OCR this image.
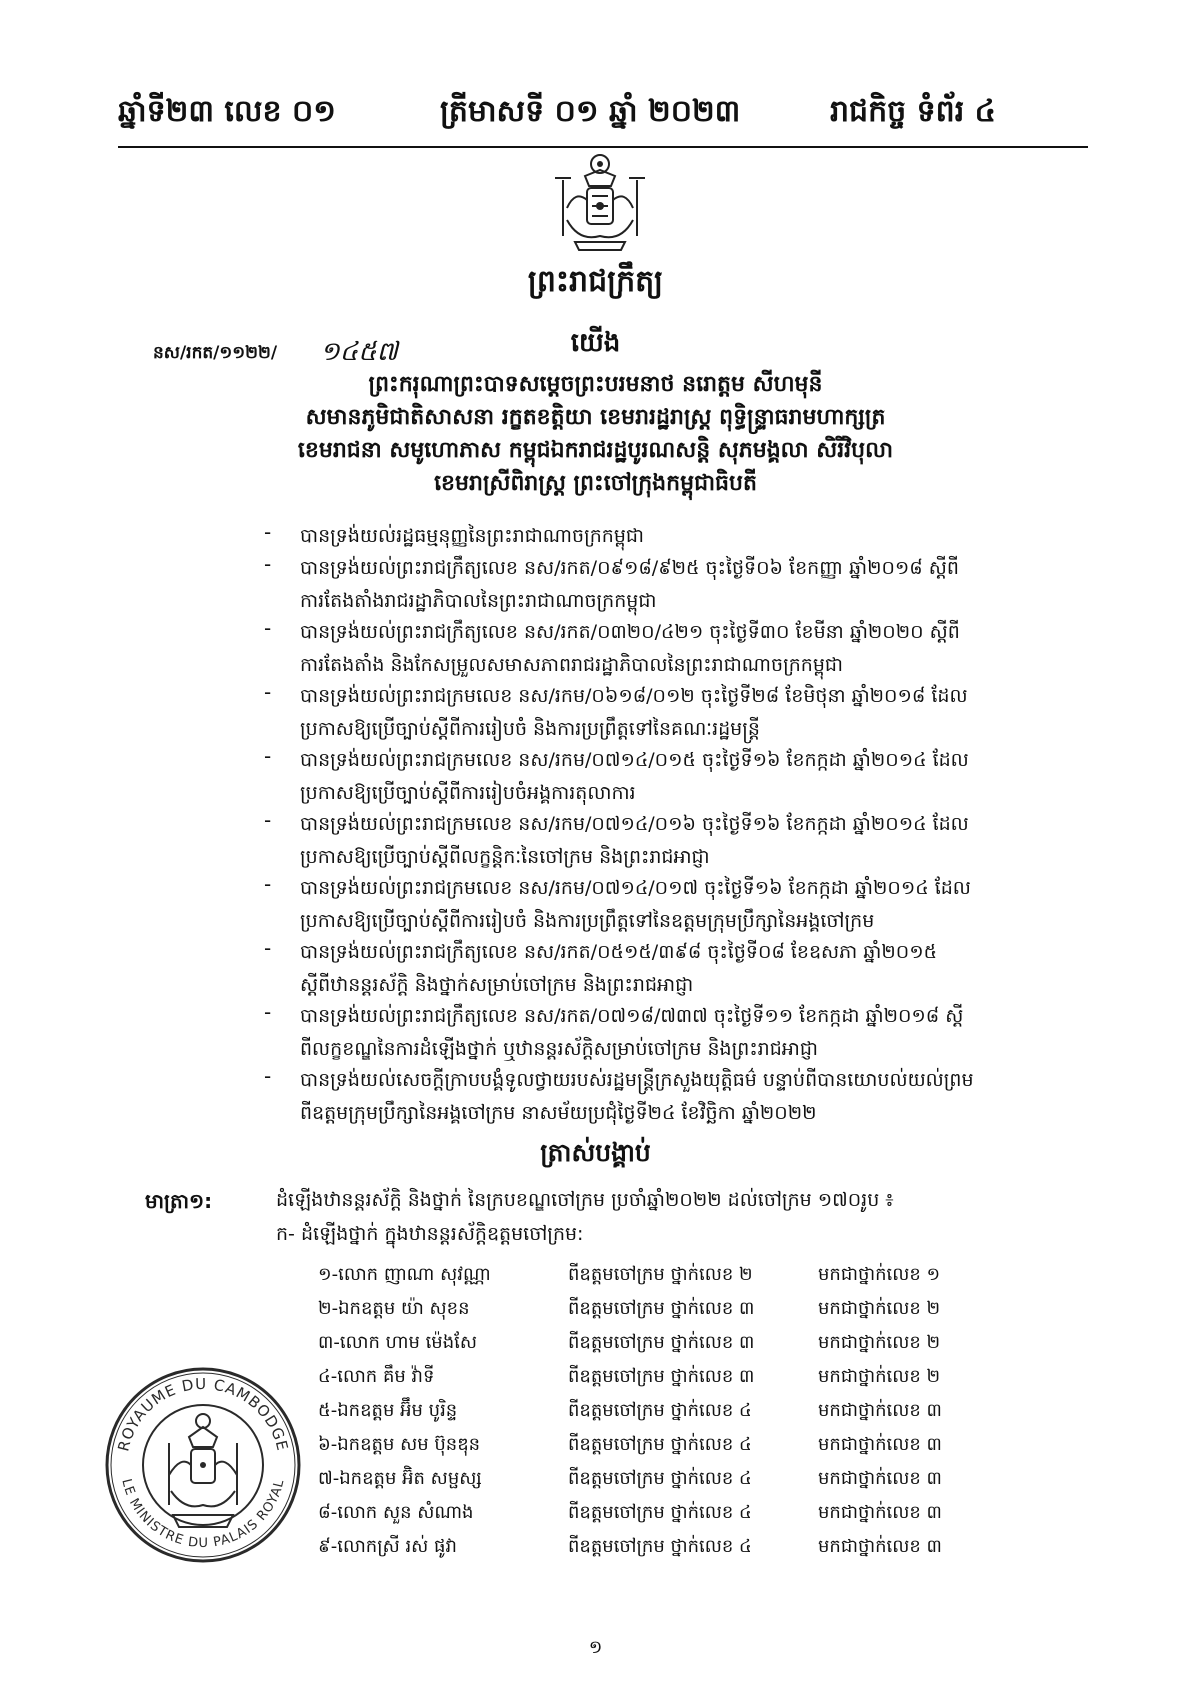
ឆ្នាំទី២៣ លេខ ០១	ត្រីមាសទី ០១ ឆ្នាំ ២០២៣	រាជកិច្ច ទំព័រ ៤
ព្រះរាជក្រឹត្យ
នស/រកត/១១២២/ ១៤៥៧	យើង
ព្រះករុណាព្រះបាទសម្តេចព្រះបរមនាថ នរោត្តម សីហមុនី
សមានភូមិជាតិសាសនា រក្ខតខត្តិយា ខេមរារដ្ឋរាស្ត្រ ពុទ្ធិន្ទ្រាធរាមហាក្សត្រ
ខេមរាជនា សមូហោភាស កម្ពុជឯករាជរដ្ឋបូរណសន្តិ សុភមង្គលា សិរីវិបុលា
ខេមរាស្រីពិរាស្ត្រ ព្រះចៅក្រុងកម្ពុជាធិបតី
- បានទ្រង់យល់រដ្ឋធម្មនុញ្ញនៃព្រះរាជាណាចក្រកម្ពុជា
- បានទ្រង់យល់ព្រះរាជក្រឹត្យលេខ នស/រកត/០៩១៨/៩២៥ ចុះថ្ងៃទី០៦ ខែកញ្ញា ឆ្នាំ២០១៨ ស្តីពី
ការតែងតាំងរាជរដ្ឋាភិបាលនៃព្រះរាជាណាចក្រកម្ពុជា
- បានទ្រង់យល់ព្រះរាជក្រឹត្យលេខ នស/រកត/០៣២០/៤២១ ចុះថ្ងៃទី៣០ ខែមីនា ឆ្នាំ២០២០ ស្តីពី
ការតែងតាំង និងកែសម្រួលសមាសភាពរាជរដ្ឋាភិបាលនៃព្រះរាជាណាចក្រកម្ពុជា
- បានទ្រង់យល់ព្រះរាជក្រមលេខ នស/រកម/០៦១៨/០១២ ចុះថ្ងៃទី២៨ ខែមិថុនា ឆ្នាំ២០១៨ ដែល
ប្រកាសឱ្យប្រើច្បាប់ស្តីពីការរៀបចំ និងការប្រព្រឹត្តទៅនៃគណៈរដ្ឋមន្ត្រី
- បានទ្រង់យល់ព្រះរាជក្រមលេខ នស/រកម/០៧១៤/០១៥ ចុះថ្ងៃទី១៦ ខែកក្កដា ឆ្នាំ២០១៤ ដែល
ប្រកាសឱ្យប្រើច្បាប់ស្តីពីការរៀបចំអង្គការតុលាការ
- បានទ្រង់យល់ព្រះរាជក្រមលេខ នស/រកម/០៧១៤/០១៦ ចុះថ្ងៃទី១៦ ខែកក្កដា ឆ្នាំ២០១៤ ដែល
ប្រកាសឱ្យប្រើច្បាប់ស្តីពីលក្ខន្តិកៈនៃចៅក្រម និងព្រះរាជអាជ្ញា
- បានទ្រង់យល់ព្រះរាជក្រមលេខ នស/រកម/០៧១៤/០១៧ ចុះថ្ងៃទី១៦ ខែកក្កដា ឆ្នាំ២០១៤ ដែល
ប្រកាសឱ្យប្រើច្បាប់ស្តីពីការរៀបចំ និងការប្រព្រឹត្តទៅនៃឧត្តមក្រុមប្រឹក្សានៃអង្គចៅក្រម
- បានទ្រង់យល់ព្រះរាជក្រឹត្យលេខ នស/រកត/០៥១៥/៣៩៨ ចុះថ្ងៃទី០៨ ខែឧសភា ឆ្នាំ២០១៥
ស្តីពីឋានន្តរស័ក្តិ និងថ្នាក់សម្រាប់ចៅក្រម និងព្រះរាជអាជ្ញា
- បានទ្រង់យល់ព្រះរាជក្រឹត្យលេខ នស/រកត/០៧១៨/៧៣៧ ចុះថ្ងៃទី១១ ខែកក្កដា ឆ្នាំ២០១៨ ស្តី
ពីលក្ខខណ្ឌនៃការដំឡើងថ្នាក់ ឬឋានន្តរស័ក្តិសម្រាប់ចៅក្រម និងព្រះរាជអាជ្ញា
- បានទ្រង់យល់សេចក្តីក្រាបបង្គំទូលថ្វាយរបស់រដ្ឋមន្ត្រីក្រសួងយុត្តិធម៌ បន្ទាប់ពីបានយោបល់យល់ព្រម
ពីឧត្តមក្រុមប្រឹក្សានៃអង្គចៅក្រម នាសម័យប្រជុំថ្ងៃទី២៤ ខែវិច្ឆិកា ឆ្នាំ២០២២
ត្រាស់បង្គាប់
មាត្រា១:	ដំឡើងឋានន្តរស័ក្តិ និងថ្នាក់ នៃក្របខណ្ឌចៅក្រម ប្រចាំឆ្នាំ២០២២ ដល់ចៅក្រម ១៧០រូប ៖
ក- ដំឡើងថ្នាក់ ក្នុងឋានន្តរស័ក្តិឧត្តមចៅក្រម:
១-លោក ញាណា សុវណ្ណា	ពីឧត្តមចៅក្រម ថ្នាក់លេខ ២	មកជាថ្នាក់លេខ ១
២-ឯកឧត្តម យ៉ា សុខន	ពីឧត្តមចៅក្រម ថ្នាក់លេខ ៣	មកជាថ្នាក់លេខ ២
៣-លោក ហាម ម៉េងសែ	ពីឧត្តមចៅក្រម ថ្នាក់លេខ ៣	មកជាថ្នាក់លេខ ២
៤-លោក គឹម វ៉ាទី	ពីឧត្តមចៅក្រម ថ្នាក់លេខ ៣	មកជាថ្នាក់លេខ ២
៥-ឯកឧត្តម អ៊ឹម បូរិន្ទ	ពីឧត្តមចៅក្រម ថ្នាក់លេខ ៤	មកជាថ្នាក់លេខ ៣
៦-ឯកឧត្តម សម ប៊ុនឌុន	ពីឧត្តមចៅក្រម ថ្នាក់លេខ ៤	មកជាថ្នាក់លេខ ៣
៧-ឯកឧត្តម អ៊ិត សម្ផស្ស	ពីឧត្តមចៅក្រម ថ្នាក់លេខ ៤	មកជាថ្នាក់លេខ ៣
៨-លោក សួន សំណាង	ពីឧត្តមចៅក្រម ថ្នាក់លេខ ៤	មកជាថ្នាក់លេខ ៣
៩-លោកស្រី រស់ ផូវា	ពីឧត្តមចៅក្រម ថ្នាក់លេខ ៤	មកជាថ្នាក់លេខ ៣
ROYAUME DU CAMBODGE
LE MINISTRE DU PALAIS ROYAL
១
